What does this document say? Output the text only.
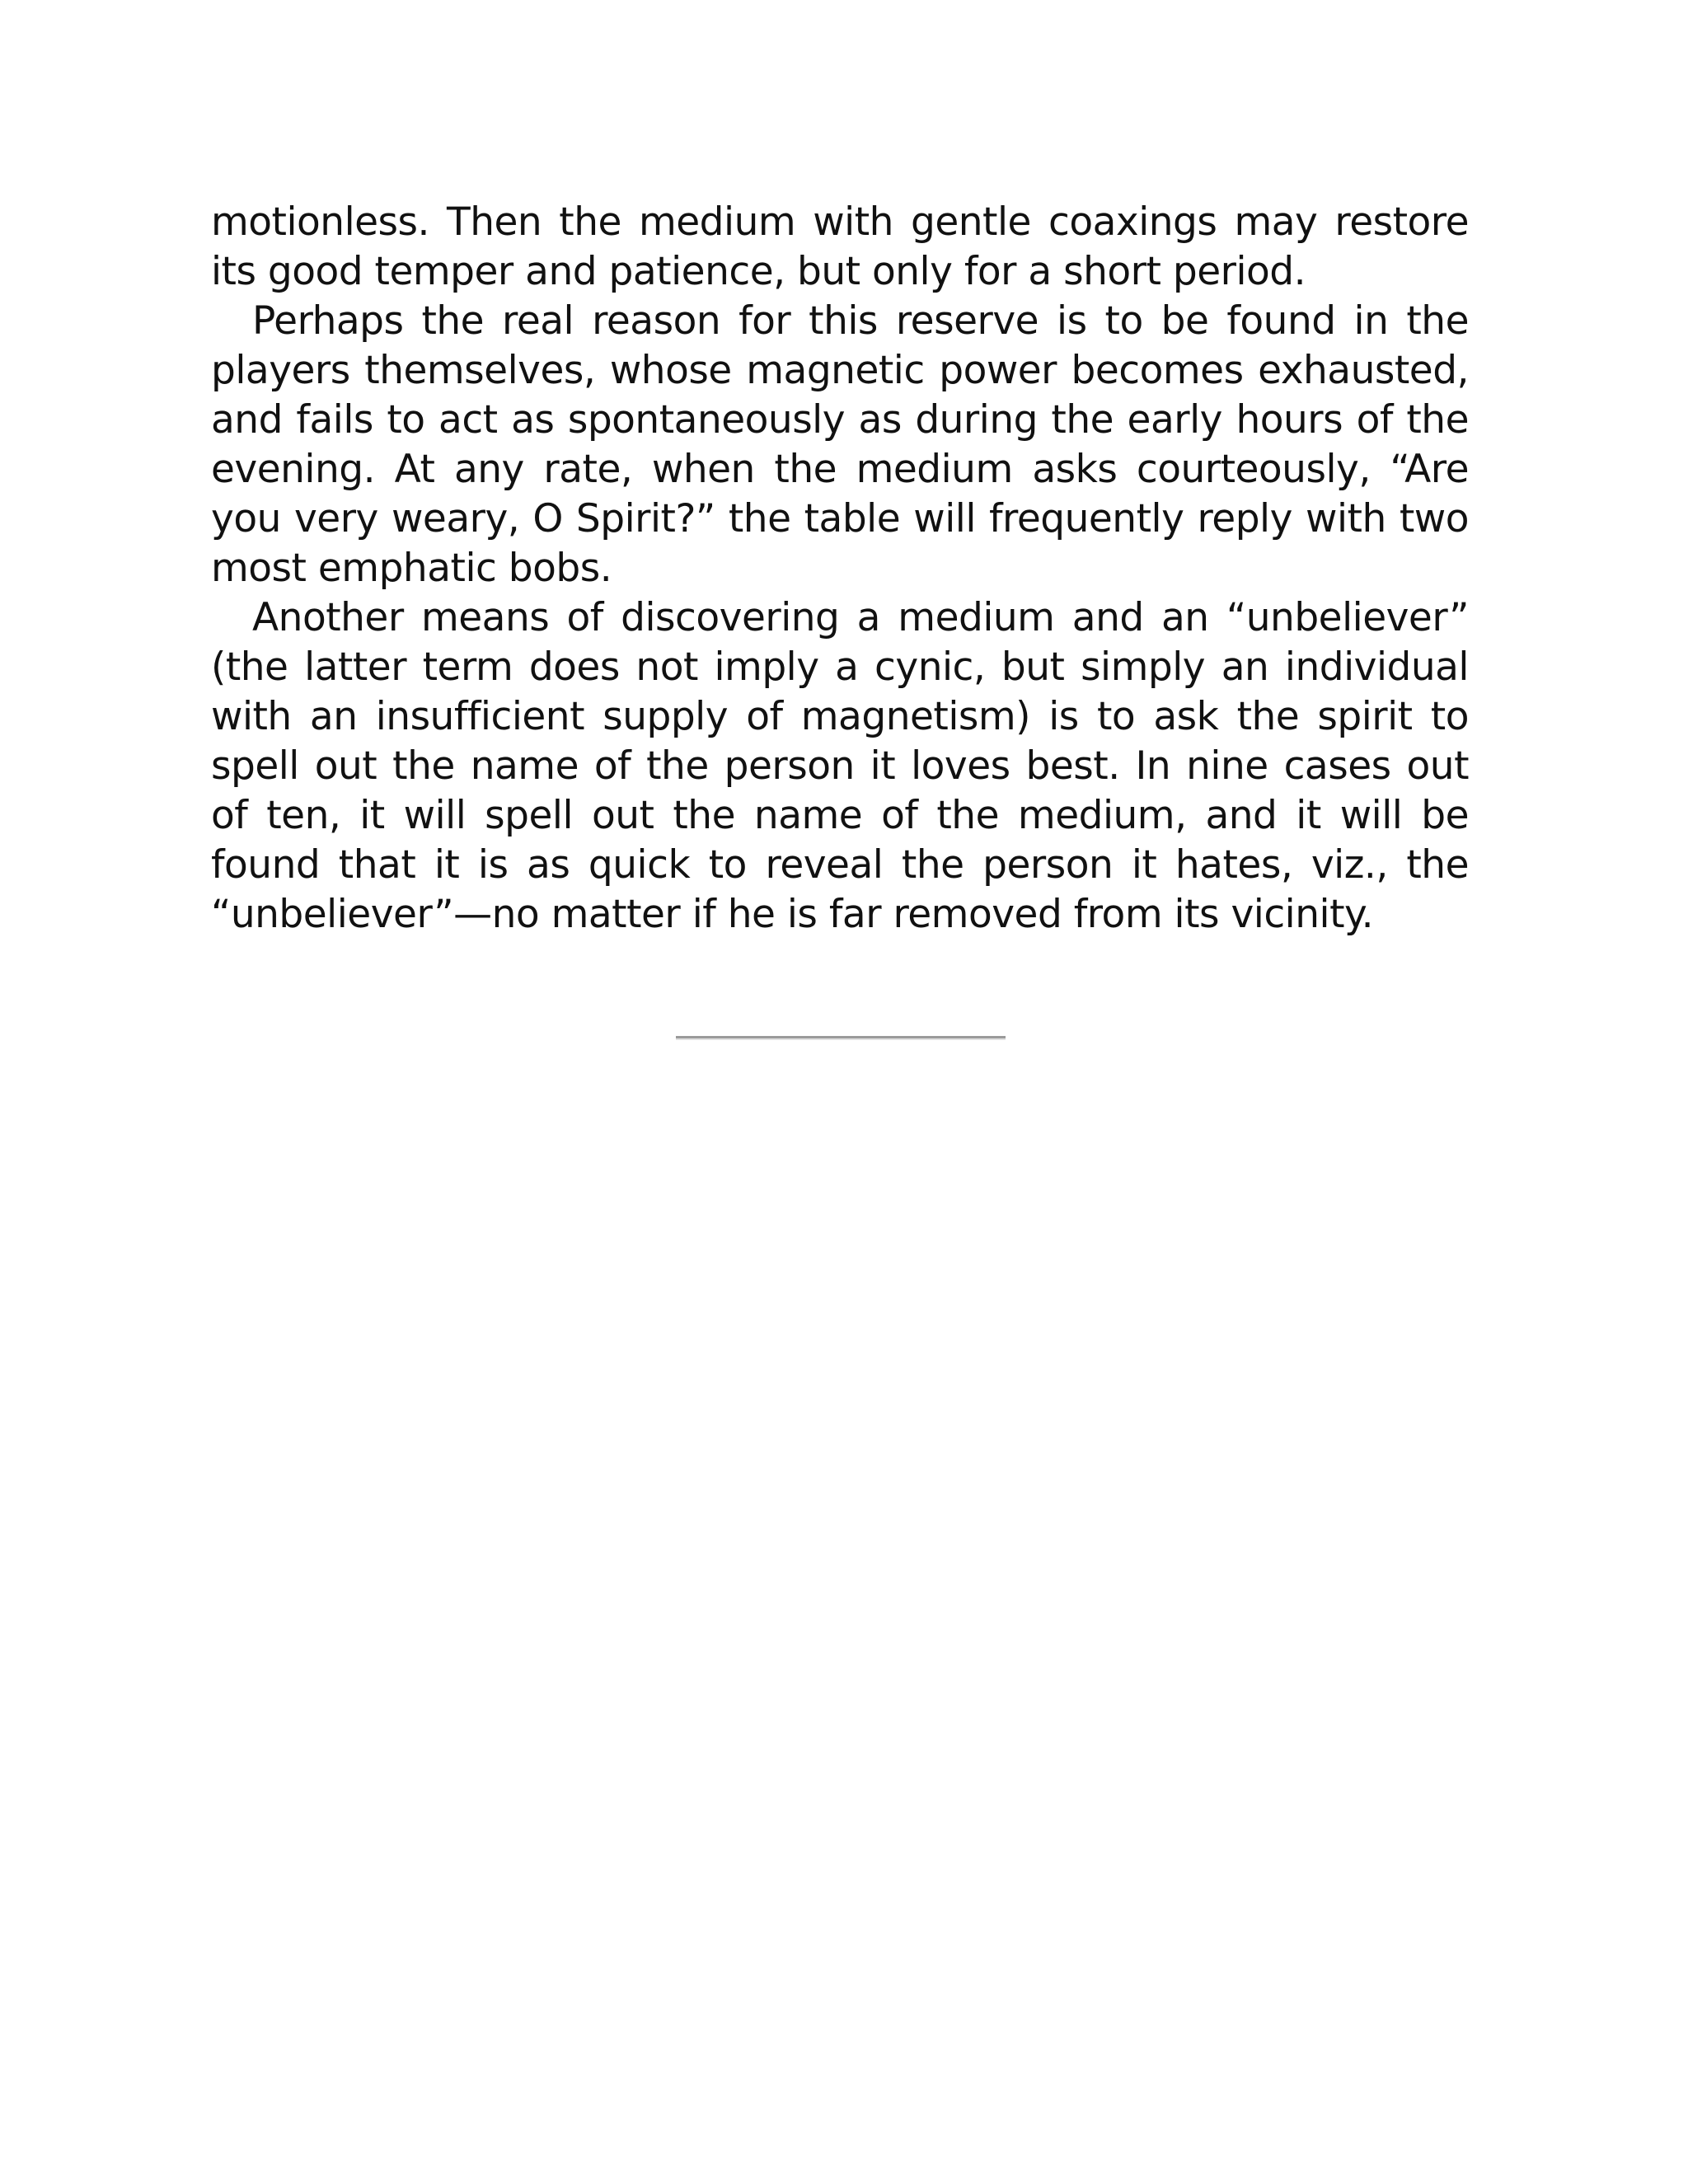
motionless. Then the medium with gentle coaxings may restore its good temper and patience, but only for a short period.

Perhaps the real reason for this reserve is to be found in the players themselves, whose magnetic power becomes exhausted, and fails to act as spontaneously as during the early hours of the evening. At any rate, when the medium asks courteously, “Are you very weary, O Spirit?” the table will frequently reply with two most emphatic bobs.

Another means of discovering a medium and an “unbeliever” (the latter term does not imply a cynic, but simply an individual with an insufficient supply of magnetism) is to ask the spirit to spell out the name of the person it loves best. In nine cases out of ten, it will spell out the name of the medium, and it will be found that it is as quick to reveal the person it hates, viz., the “unbeliever”—no matter if he is far removed from its vicinity.
